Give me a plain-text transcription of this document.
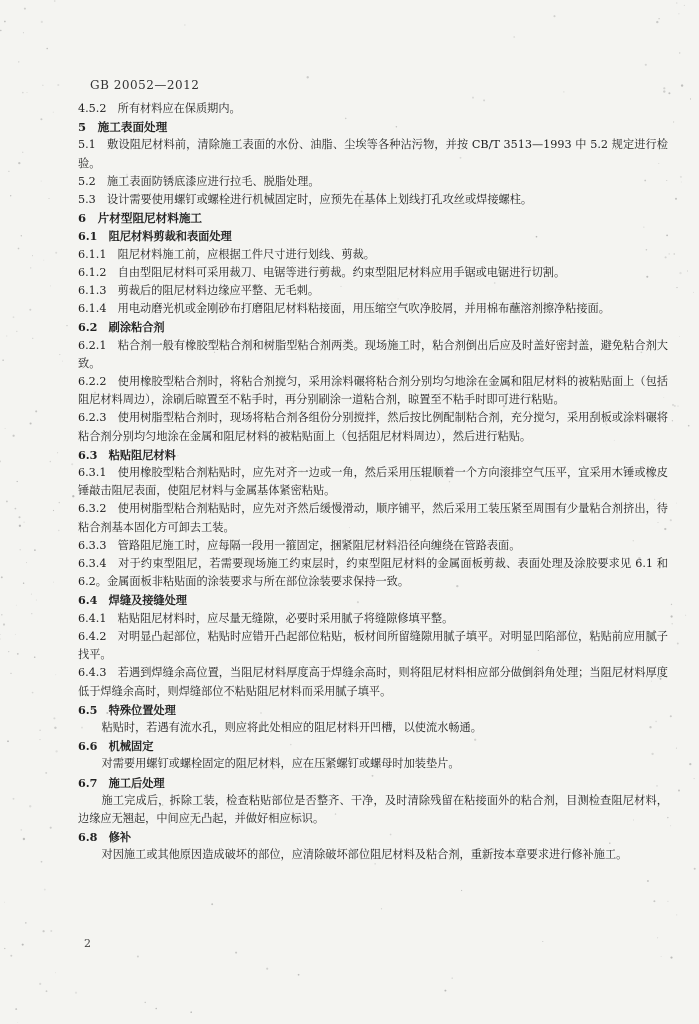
GB 20052—2012

4.5.2　所有材料应在保质期内。

5　施工表面处理

5.1　敷设阻尼材料前，清除施工表面的水份、油脂、尘埃等各种沾污物，并按 CB/T 3513—1993 中 5.2 规定进行检验。

5.2　施工表面防锈底漆应进行拉毛、脱脂处理。

5.3　设计需要使用螺钉或螺栓进行机械固定时，应预先在基体上划线打孔攻丝或焊接螺柱。

6　片材型阻尼材料施工

6.1　阻尼材料剪裁和表面处理

6.1.1　阻尼材料施工前，应根据工件尺寸进行划线、剪裁。

6.1.2　自由型阻尼材料可采用裁刀、电锯等进行剪裁。约束型阻尼材料应用手锯或电锯进行切割。

6.1.3　剪裁后的阻尼材料边缘应平整、无毛刺。

6.1.4　用电动磨光机或金刚砂布打磨阻尼材料粘接面，用压缩空气吹净胶屑，并用棉布蘸溶剂擦净粘接面。

6.2　刷涂粘合剂

6.2.1　粘合剂一般有橡胶型粘合剂和树脂型粘合剂两类。现场施工时，粘合剂倒出后应及时盖好密封盖，避免粘合剂大致。

6.2.2　使用橡胶型粘合剂时，将粘合剂搅匀，采用涂料碾将粘合剂分别均匀地涂在金属和阻尼材料的被粘贴面上（包括阻尼材料周边），涂刷后晾置至不粘手时，再分别刷涂一道粘合剂，晾置至不粘手时即可进行粘贴。

6.2.3　使用树脂型粘合剂时，现场将粘合剂各组份分别搅拌，然后按比例配制粘合剂，充分搅匀，采用刮板或涂料碾将粘合剂分别均匀地涂在金属和阻尼材料的被粘贴面上（包括阻尼材料周边），然后进行粘贴。

6.3　粘贴阻尼材料

6.3.1　使用橡胶型粘合剂粘贴时，应先对齐一边或一角，然后采用压辊顺着一个方向滚排空气压平，宜采用木锤或橡皮锤敲击阻尼表面，使阻尼材料与金属基体紧密粘贴。

6.3.2　使用树脂型粘合剂粘贴时，应先对齐然后缓慢滑动，顺序铺平，然后采用工装压紧至周围有少量粘合剂挤出，待粘合剂基本固化方可卸去工装。

6.3.3　管路阻尼施工时，应每隔一段用一箍固定，捆紧阻尼材料沿径向缠绕在管路表面。

6.3.4　对于约束型阻尼，若需要现场施工约束层时，约束型阻尼材料的金属面板剪裁、表面处理及涂胶要求见 6.1 和 6.2。金属面板非粘贴面的涂装要求与所在部位涂装要求保持一致。

6.4　焊缝及接缝处理

6.4.1　粘贴阻尼材料时，应尽量无缝隙，必要时采用腻子将缝隙修填平整。

6.4.2　对明显凸起部位，粘贴时应错开凸起部位粘贴，板材间所留缝隙用腻子填平。对明显凹陷部位，粘贴前应用腻子找平。

6.4.3　若遇到焊缝余高位置，当阻尼材料厚度高于焊缝余高时，则将阻尼材料相应部分做倒斜角处理；当阻尼材料厚度低于焊缝余高时，则焊缝部位不粘贴阻尼材料而采用腻子填平。

6.5　特殊位置处理

粘贴时，若遇有流水孔，则应将此处相应的阻尼材料开凹槽，以使流水畅通。

6.6　机械固定

对需要用螺钉或螺栓固定的阻尼材料，应在压紧螺钉或螺母时加装垫片。

6.7　施工后处理

施工完成后，拆除工装，检查粘贴部位是否整齐、干净，及时清除残留在粘接面外的粘合剂，目测检查阻尼材料，边缘应无翘起，中间应无凸起，并做好相应标识。

6.8　修补

对因施工或其他原因造成破坏的部位，应清除破坏部位阻尼材料及粘合剂，重新按本章要求进行修补施工。

2
